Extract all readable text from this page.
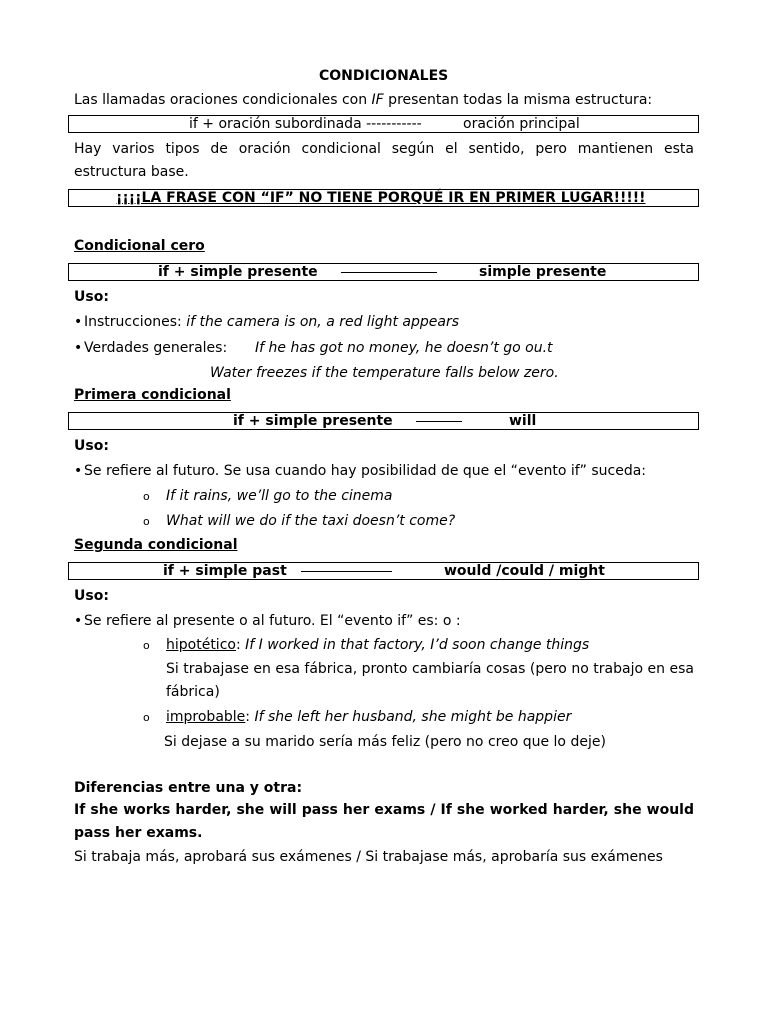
CONDICIONALES
Las llamadas oraciones condicionales con IF presentan todas la misma estructura:
if + oración subordinada -----------	oración principal
Hay varios tipos de oración condicional según el sentido, pero mantienen esta estructura base.
¡¡¡¡LA FRASE CON “IF” NO TIENE PORQUÉ IR EN PRIMER LUGAR!!!!!
Condicional cero
if + simple presente	simple presente
Uso:
• Instrucciones: if the camera is on, a red light appears
• Verdades generales: If he has got no money, he doesn’t go ou.t
Water freezes if the temperature falls below zero.
Primera condicional
if + simple presente	will
Uso:
• Se refiere al futuro. Se usa cuando hay posibilidad de que el “evento if” suceda:
o If it rains, we’ll go to the cinema
o What will we do if the taxi doesn’t come?
Segunda condicional
if + simple past	would /could / might
Uso:
• Se refiere al presente o al futuro. El “evento if” es: o :
o hipotético: If I worked in that factory, I’d soon change things
Si trabajase en esa fábrica, pronto cambiaría cosas (pero no trabajo en esa fábrica)
o improbable: If she left her husband, she might be happier
Si dejase a su marido sería más feliz (pero no creo que lo deje)
Diferencias entre una y otra:
If she works harder, she will pass her exams / If she worked harder, she would pass her exams.
Si trabaja más, aprobará sus exámenes / Si trabajase más, aprobaría sus exámenes
